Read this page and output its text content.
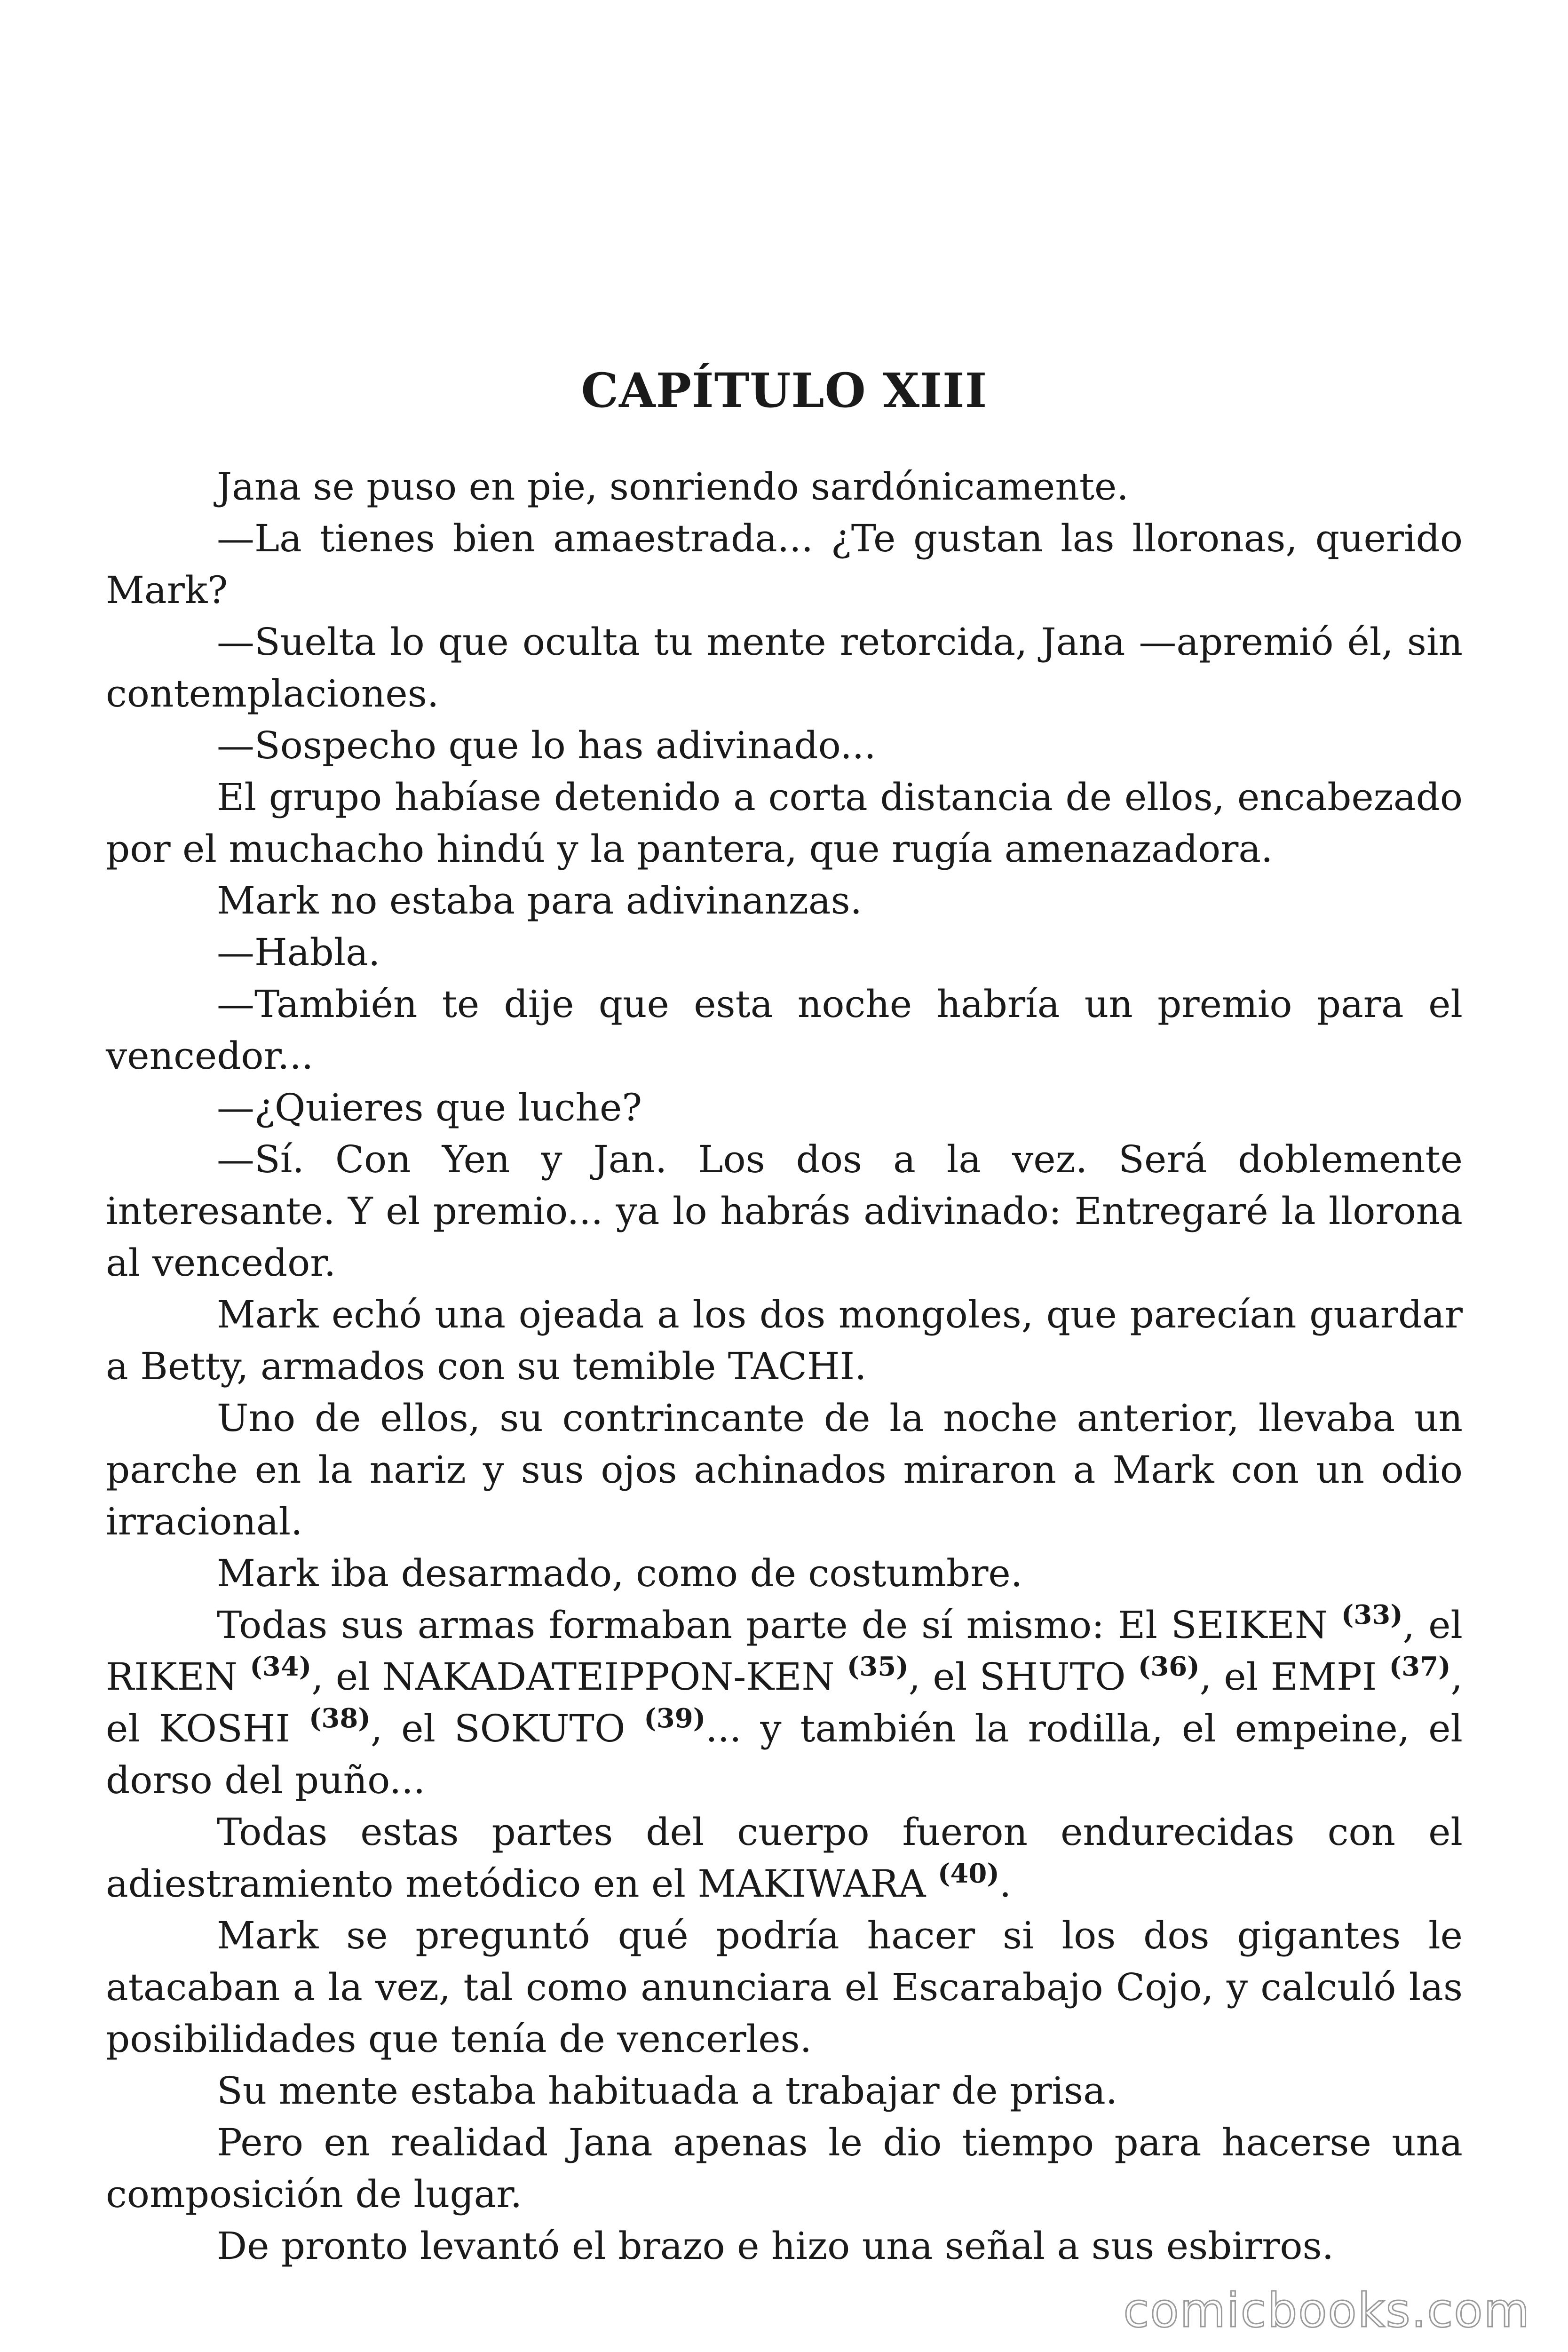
CAPÍTULO XIII

Jana se puso en pie, sonriendo sardónicamente.

—La tienes bien amaestrada... ¿Te gustan las lloronas, querido Mark?

—Suelta lo que oculta tu mente retorcida, Jana —apremió él, sin contemplaciones.

—Sospecho que lo has adivinado...

El grupo habíase detenido a corta distancia de ellos, encabezado por el muchacho hindú y la pantera, que rugía amenazadora.

Mark no estaba para adivinanzas.

—Habla.

—También te dije que esta noche habría un premio para el vencedor...

—¿Quieres que luche?

—Sí. Con Yen y Jan. Los dos a la vez. Será doblemente interesante. Y el premio... ya lo habrás adivinado: Entregaré la llorona al vencedor.

Mark echó una ojeada a los dos mongoles, que parecían guardar a Betty, armados con su temible TACHI.

Uno de ellos, su contrincante de la noche anterior, llevaba un parche en la nariz y sus ojos achinados miraron a Mark con un odio irracional.

Mark iba desarmado, como de costumbre.

Todas sus armas formaban parte de sí mismo: El SEIKEN $^{(33)}$, el RIKEN $^{(34)}$, el NAKADATEIPPON-KEN $^{(35)}$, el SHUTO $^{(36)}$, el EMPI $^{(37)}$, el KOSHI $^{(38)}$, el SOKUTO $^{(39)}$... y también la rodilla, el empeine, el dorso del puño...

Todas estas partes del cuerpo fueron endurecidas con el adiestramiento metódico en el MAKIWARA $^{(40)}$.

Mark se preguntó qué podría hacer si los dos gigantes le atacaban a la vez, tal como anunciara el Escarabajo Cojo, y calculó las posibilidades que tenía de vencerles.

Su mente estaba habituada a trabajar de prisa.

Pero en realidad Jana apenas le dio tiempo para hacerse una composición de lugar.

De pronto levantó el brazo e hizo una señal a sus esbirros.

comicbooks.com
